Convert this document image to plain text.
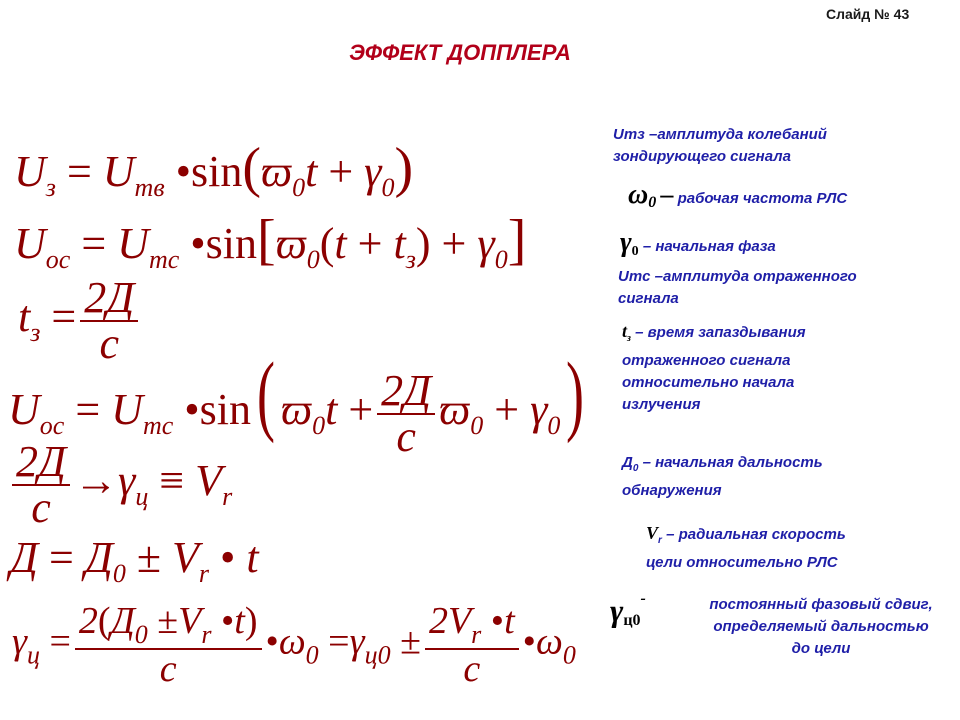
Слайд № 43
ЭФФЕКТ ДОППЛЕРА
$U_з = U_{mв}$ $•\sin(ϖ_0t + \gamma_0)$
$U_{ос} = U_{mс}$ $•\sin[ϖ_0(t + t_з) + \gamma_0]$
$t_з = \frac{2Д}{c}$
$U_{ос} = U_{mс}$ •sin( $ϖ_0t + \frac{2Д}{c} ϖ_0 + \gamma_0$)
$\frac{2Д}{c} \to\gamma_ц \equiv V_r$
$Д = Д_0 \pm V_r$ • t
$\gamma_ц = \frac{2(Д_0 \pm V_r •t)}{c}$ $•\omega_0 =\gamma_{ц0} \pm \frac{2V_r •t}{c}$ $•\omega_0$
Umз –амплитуда колебаний
зондирующего сигнала
$\omega_0$ – рабочая частота РЛС
$\gamma_0$ – начальная фаза
Umс –амплитуда отраженного
сигнала
$t_з$ – время запаздывания
отраженного сигнала
относительно начала
излучения
$Д_0$ – начальная дальность
обнаружения
$V_r$ – радиальная скорость
цели относительно РЛС
$\gamma_{ц0}-$	постоянный фазовый сдвиг,
определяемый дальностью
до цели
